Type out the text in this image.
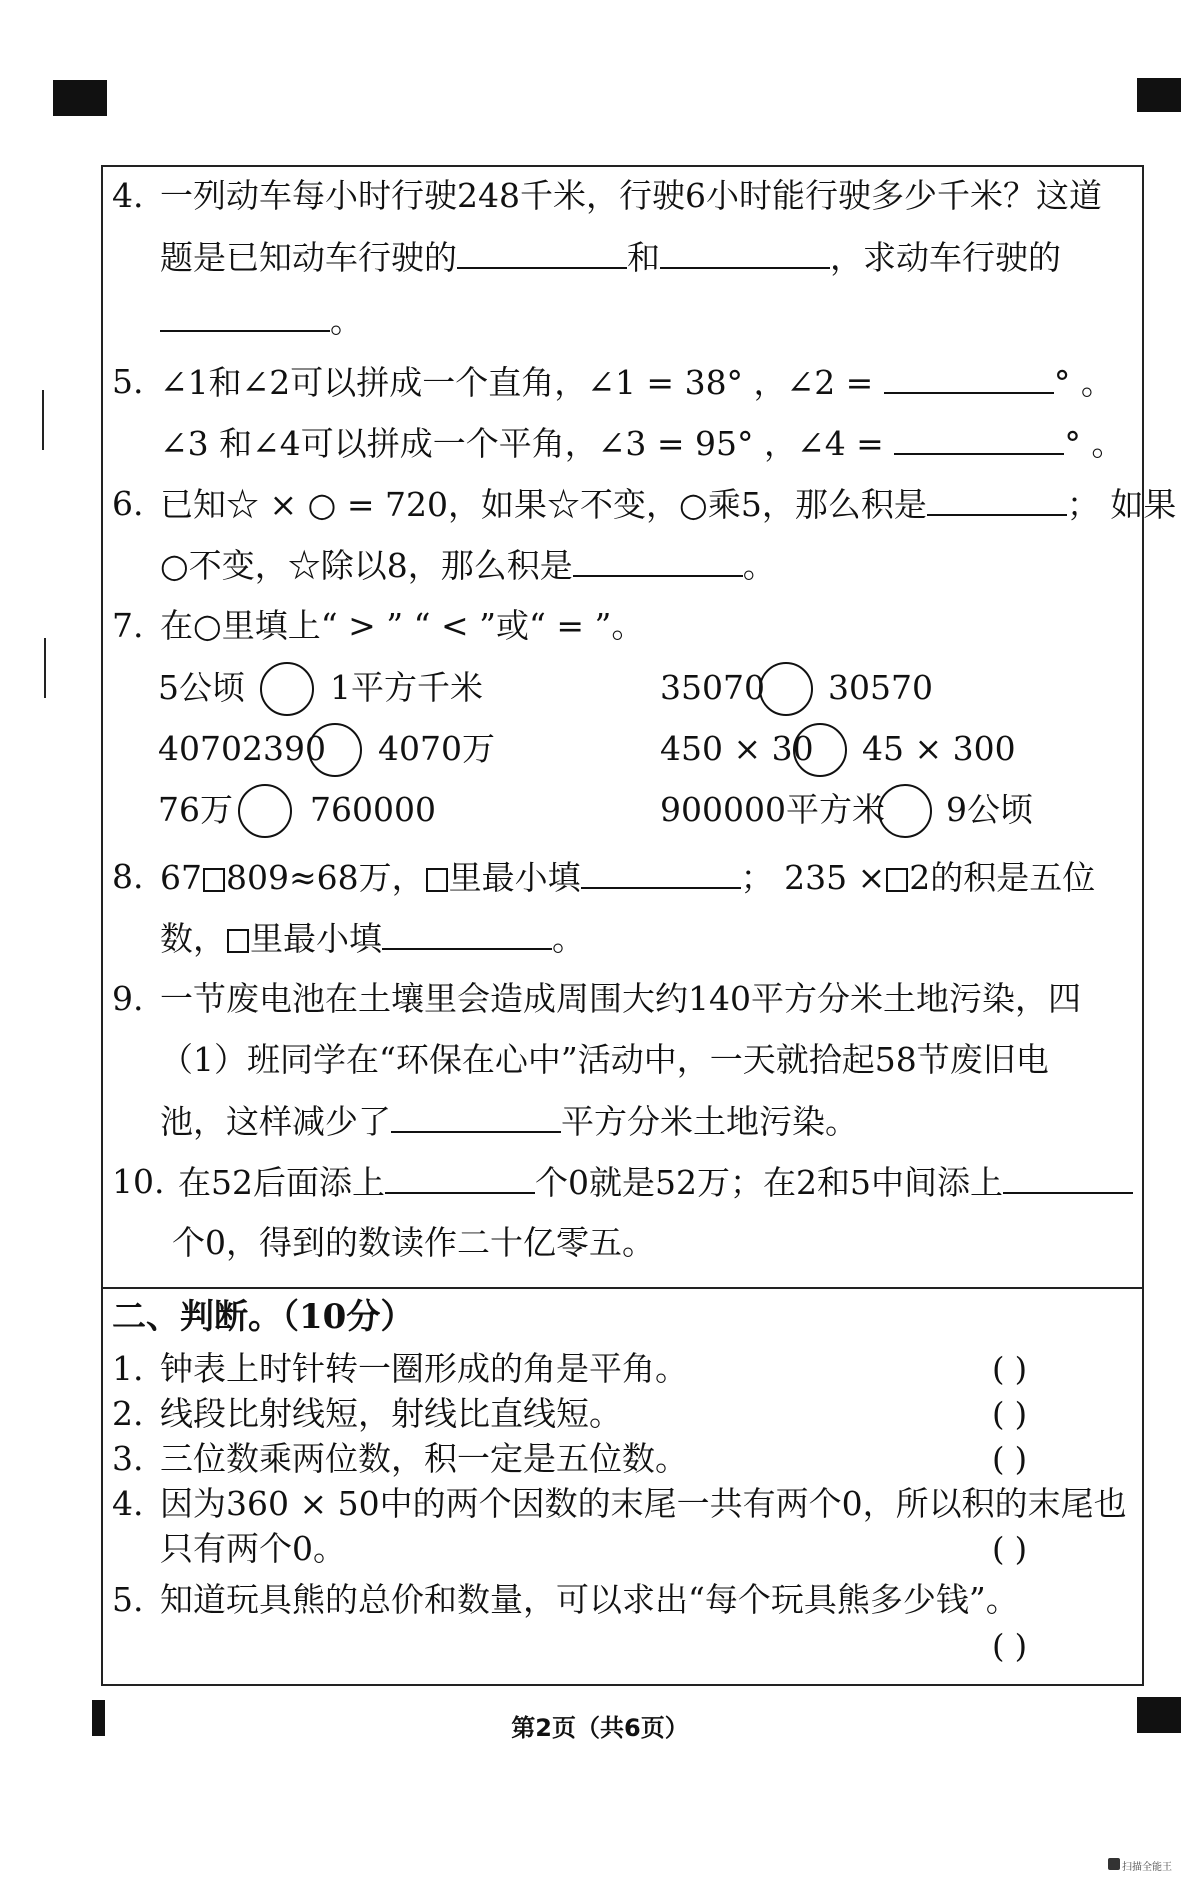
4. 一列动车每小时行驶248千米，行驶6小时能行驶多少千米？这道
题是已知动车行驶的	和	，求动车行驶的
。
5. ∠1和∠2可以拼成一个直角，∠1 = 38° ，∠2 =	° 。
∠3 和∠4可以拼成一个平角，∠3 = 95° ，∠4 =	° 。
6. 已知☆ × ○ = 720，如果☆不变，○乘5，那么积是	； 如果
○不变，☆除以8，那么积是	。
7. 在○里填上“ > ” “ < ”或“ = ”。
5公顷	1平方千米	35070 30570
40702390 4070万	450 × 30 45 × 300
76万 760000	900000平方米 9公顷
8. 67 809≈68万， 里最小填	； 235 × 2的积是五位
数， 里最小填	。
9. 一节废电池在土壤里会造成周围大约140平方分米土地污染，四
（1）班同学在“环保在心中”活动中，一天就拾起58节废旧电
池，这样减少了	平方分米土地污染。
10. 在52后面添上	个0就是52万；在2和5中间添上
个0，得到的数读作二十亿零五。
二、判断。（10分）
1. 钟表上时针转一圈形成的角是平角。	( )
2. 线段比射线短，射线比直线短。	( )
3. 三位数乘两位数，积一定是五位数。	( )
4. 因为360 × 50中的两个因数的末尾一共有两个0，所以积的末尾也
只有两个0。	( )
5. 知道玩具熊的总价和数量，可以求出“每个玩具熊多少钱”。
( )
第2页（共6页）
扫描全能王
